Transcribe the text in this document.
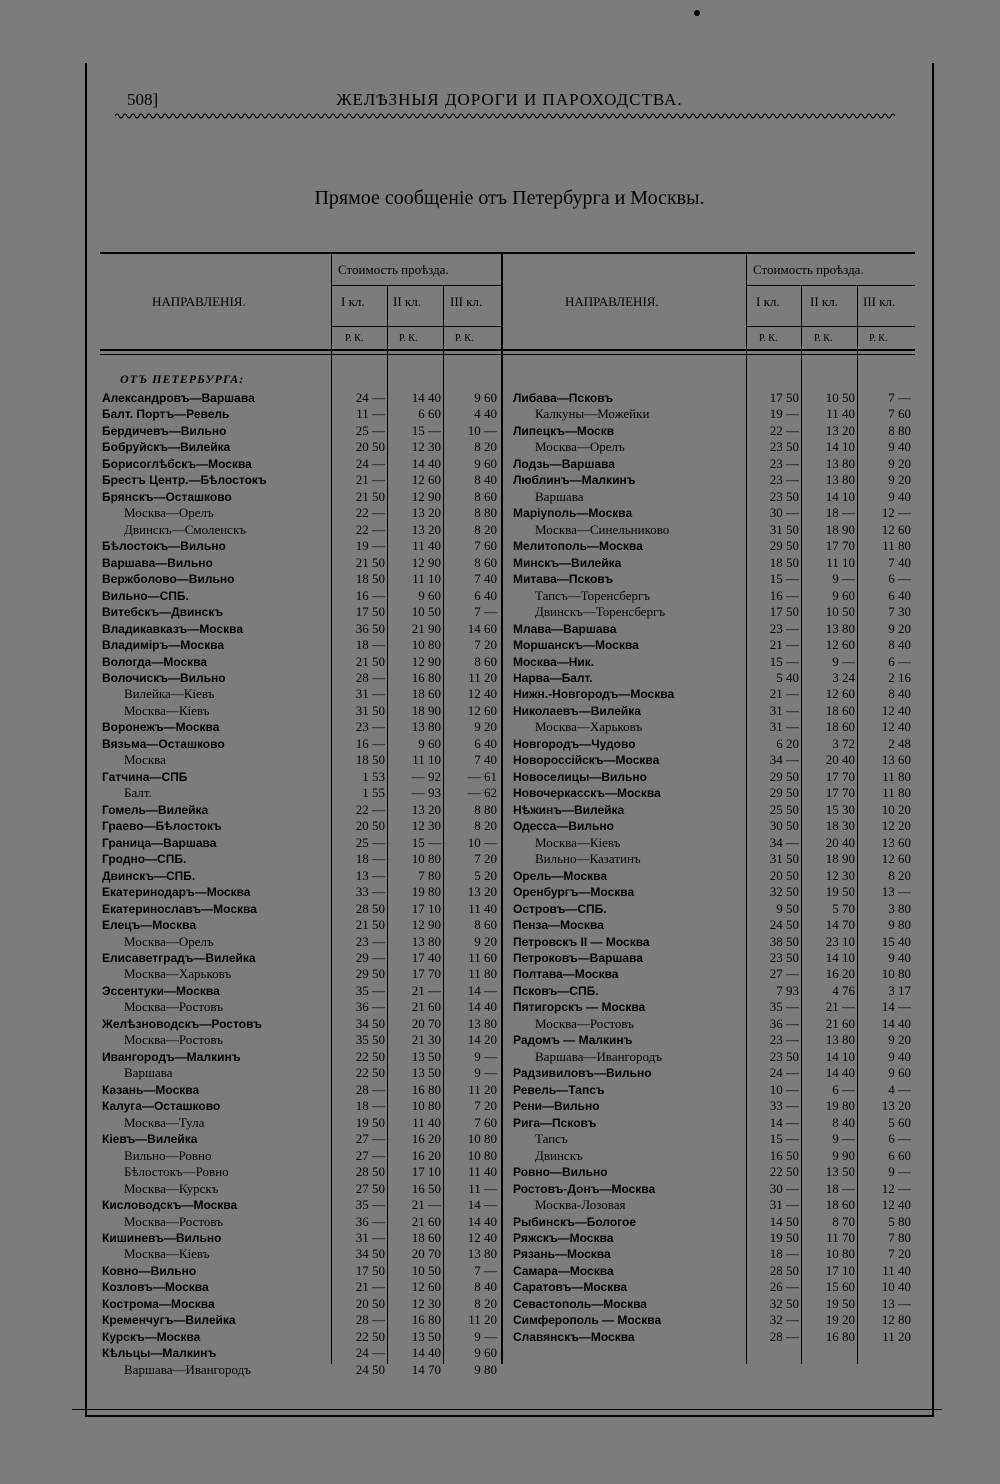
508]	ЖЕЛѢЗНЫЯ ДОРОГИ И ПАРОХОДСТВА.
Прямое сообщеніе отъ Петербурга и Москвы.
НАПРАВЛЕНІЯ.
Стоимость проѣзда.
I кл. II кл. III кл.
Р. К.	Р. К.	Р. К.
НАПРАВЛЕНІЯ.
Стоимость проѣзда.
I кл. II кл. III кл.
Р. К.	Р. К.	Р. К.
ОТЪ ПЕТЕРБУРГА:
Александровъ—Варшава	24 —	14 40	9 60
Балт. Портъ—Ревель	11 —	6 60	4 40
Бердичевъ—Вильно	25 —	15 —	10 —
Бобруйскъ—Вилейка	20 50	12 30	8 20
Борисоглѣбскъ—Москва	24 —	14 40	9 60
Брестъ Центр.—Бѣлостокъ	21 —	12 60	8 40
Брянскъ—Осташково	21 50	12 90	8 60
Москва—Орелъ	22 —	13 20	8 80
Двинскъ—Смоленскъ	22 —	13 20	8 20
Бѣлостокъ—Вильно	19 —	11 40	7 60
Варшава—Вильно	21 50	12 90	8 60
Вержболово—Вильно	18 50	11 10	7 40
Вильно—СПБ.	16 —	9 60	6 40
Витебскъ—Двинскъ	17 50	10 50	7 —
Владикавказъ—Москва	36 50	21 90	14 60
Владиміръ—Москва	18 —	10 80	7 20
Вологда—Москва	21 50	12 90	8 60
Волочискъ—Вильно	28 —	16 80	11 20
Вилейка—Кіевъ	31 —	18 60	12 40
Москва—Кіевъ	31 50	18 90	12 60
Воронежъ—Москва	23 —	13 80	9 20
Вязьма—Осташково	16 —	9 60	6 40
Москва	18 50	11 10	7 40
Гатчина—СПБ	1 53	— 92	— 61
Балт.	1 55	— 93	— 62
Гомель—Вилейка	22 —	13 20	8 80
Граево—Бѣлостокъ	20 50	12 30	8 20
Граница—Варшава	25 —	15 —	10 —
Гродно—СПБ.	18 —	10 80	7 20
Двинскъ—СПБ.	13 —	7 80	5 20
Екатеринодаръ—Москва	33 —	19 80	13 20
Екатеринославъ—Москва	28 50	17 10	11 40
Елецъ—Москва	21 50	12 90	8 60
Москва—Орелъ	23 —	13 80	9 20
Елисаветградъ—Вилейка	29 —	17 40	11 60
Москва—Харьковъ	29 50	17 70	11 80
Эссентуки—Москва	35 —	21 —	14 —
Москва—Ростовъ	36 —	21 60	14 40
Желѣзноводскъ—Ростовъ	34 50	20 70	13 80
Москва—Ростовъ	35 50	21 30	14 20
Ивангородъ—Малкинъ	22 50	13 50	9 —
Варшава	22 50	13 50	9 —
Казань—Москва	28 —	16 80	11 20
Калуга—Осташково	18 —	10 80	7 20
Москва—Тула	19 50	11 40	7 60
Кіевъ—Вилейка	27 —	16 20	10 80
Вильно—Ровно	27 —	16 20	10 80
Бѣлостокъ—Ровно	28 50	17 10	11 40
Москва—Курскъ	27 50	16 50	11 —
Кисловодскъ—Москва	35 —	21 —	14 —
Москва—Ростовъ	36 —	21 60	14 40
Кишиневъ—Вильно	31 —	18 60	12 40
Москва—Кіевъ	34 50	20 70	13 80
Ковно—Вильно	17 50	10 50	7 —
Козловъ—Москва	21 —	12 60	8 40
Кострома—Москва	20 50	12 30	8 20
Кременчугъ—Вилейка	28 —	16 80	11 20
Курскъ—Москва	22 50	13 50	9 —
Кѣльцы—Малкинъ	24 —	14 40	9 60
Варшава—Ивангородъ	24 50	14 70	9 80
Либава—Псковъ	17 50	10 50	7 —
Калкуны—Можейки	19 —	11 40	7 60
Липецкъ—Москв	22 —	13 20	8 80
Москва—Орелъ	23 50	14 10	9 40
Лодзь—Варшава	23 —	13 80	9 20
Люблинъ—Малкинъ	23 —	13 80	9 20
Варшава	23 50	14 10	9 40
Маріуполь—Москва	30 —	18 —	12 —
Москва—Синельниково	31 50	18 90	12 60
Мелитополь—Москва	29 50	17 70	11 80
Минскъ—Вилейка	18 50	11 10	7 40
Митава—Псковъ	15 —	9 —	6 —
Тапсъ—Торенсбергъ	16 —	9 60	6 40
Двинскъ—Торенсбергъ	17 50	10 50	7 30
Млава—Варшава	23 —	13 80	9 20
Моршанскъ—Москва	21 —	12 60	8 40
Москва—Ник.	15 —	9 —	6 —
Нарва—Балт.	5 40	3 24	2 16
Нижн.-Новгородъ—Москва	21 —	12 60	8 40
Николаевъ—Вилейка	31 —	18 60	12 40
Москва—Харьковъ	31 —	18 60	12 40
Новгородъ—Чудово	6 20	3 72	2 48
Новороссійскъ—Москва	34 —	20 40	13 60
Новоселицы—Вильно	29 50	17 70	11 80
Новочеркасскъ—Москва	29 50	17 70	11 80
Нѣжинъ—Вилейка	25 50	15 30	10 20
Одесса—Вильно	30 50	18 30	12 20
Москва—Кіевъ	34 —	20 40	13 60
Вильно—Казатинъ	31 50	18 90	12 60
Орель—Москва	20 50	12 30	8 20
Оренбургъ—Москва	32 50	19 50	13 —
Островъ—СПБ.	9 50	5 70	3 80
Пенза—Москва	24 50	14 70	9 80
Петровскъ II — Москва	38 50	23 10	15 40
Петроковъ—Варшава	23 50	14 10	9 40
Полтава—Москва	27 —	16 20	10 80
Псковъ—СПБ.	7 93	4 76	3 17
Пятигорскъ — Москва	35 —	21 —	14 —
Москва—Ростовъ	36 —	21 60	14 40
Радомъ — Малкинъ	23 —	13 80	9 20
Варшава—Ивангородъ	23 50	14 10	9 40
Радзивиловъ—Вильно	24 —	14 40	9 60
Ревель—Тапсъ	10 —	6 —	4 —
Рени—Вильно	33 —	19 80	13 20
Рига—Псковъ	14 —	8 40	5 60
Тапсъ	15 —	9 —	6 —
Двинскъ	16 50	9 90	6 60
Ровно—Вильно	22 50	13 50	9 —
Ростовъ-Донъ—Москва	30 —	18 —	12 —
Москва-Лозовая	31 —	18 60	12 40
Рыбинскъ—Бологое	14 50	8 70	5 80
Ряжскъ—Москва	19 50	11 70	7 80
Рязань—Москва	18 —	10 80	7 20
Самара—Москва	28 50	17 10	11 40
Саратовъ—Москва	26 —	15 60	10 40
Севастополь—Москва	32 50	19 50	13 —
Симферополь — Москва	32 —	19 20	12 80
Славянскъ—Москва	28 —	16 80	11 20
